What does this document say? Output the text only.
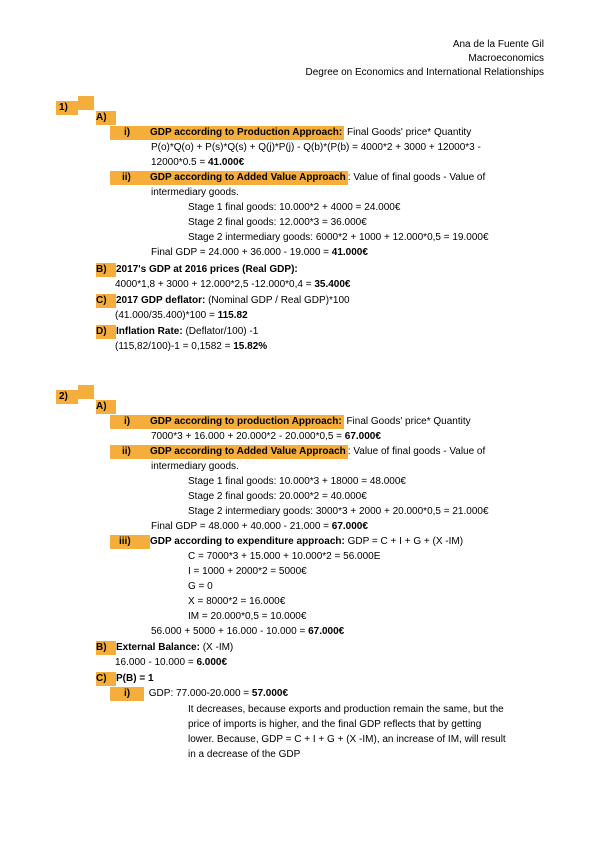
Ana de la Fuente Gil
Macroeconomics
Degree on Economics and International Relationships
1)
A)
i) GDP according to Production Approach: Final Goods' price* Quantity
P(o)*Q(o) + P(s)*Q(s) + Q(j)*P(j) - Q(b)*(P(b) = 4000*2 + 3000 + 12000*3 -
12000*0.5 = 41.000€
ii) GDP according to Added Value Approach : Value of final goods - Value of
intermediary goods.
Stage 1 final goods: 10.000*2 + 4000 = 24.000€
Stage 2 final goods: 12.000*3 = 36.000€
Stage 2 intermediary goods: 6000*2 + 1000 + 12.000*0,5 = 19.000€
Final GDP = 24.000 + 36.000 - 19.000 = 41.000€
B) 2017's GDP at 2016 prices (Real GDP):
4000*1,8 + 3000 + 12.000*2,5 -12.000*0,4 = 35.400€
C) 2017 GDP deflator: (Nominal GDP / Real GDP)*100
(41.000/35.400)*100 = 115.82
D) Inflation Rate: (Deflator/100) -1
(115,82/100)-1 = 0,1582 = 15.82%
2)
A)
i) GDP according to production Approach: Final Goods' price* Quantity
7000*3 + 16.000 + 20.000*2 - 20.000*0,5 = 67.000€
ii) GDP according to Added Value Approach : Value of final goods - Value of
intermediary goods.
Stage 1 final goods: 10.000*3 + 18000 = 48.000€
Stage 2 final goods: 20.000*2 = 40.000€
Stage 2 intermediary goods: 3000*3 + 2000 + 20.000*0,5 = 21.000€
Final GDP = 48.000 + 40.000 - 21.000 = 67.000€
iii) GDP according to expenditure approach: GDP = C + I + G + (X -IM)
C = 7000*3 + 15.000 + 10.000*2 = 56.000E
I = 1000 + 2000*2 = 5000€
G = 0
X = 8000*2 = 16.000€
IM = 20.000*0,5 = 10.000€
56.000 + 5000 + 16.000 - 10.000 = 67.000€
B) External Balance: (X -IM)
16.000 - 10.000 = 6.000€
C) P(B) = 1
i) GDP: 77.000-20.000 = 57.000€
It decreases, because exports and production remain the same, but the
price of imports is higher, and the final GDP reflects that by getting
lower. Because, GDP = C + I + G + (X -IM), an increase of IM, will result
in a decrease of the GDP
